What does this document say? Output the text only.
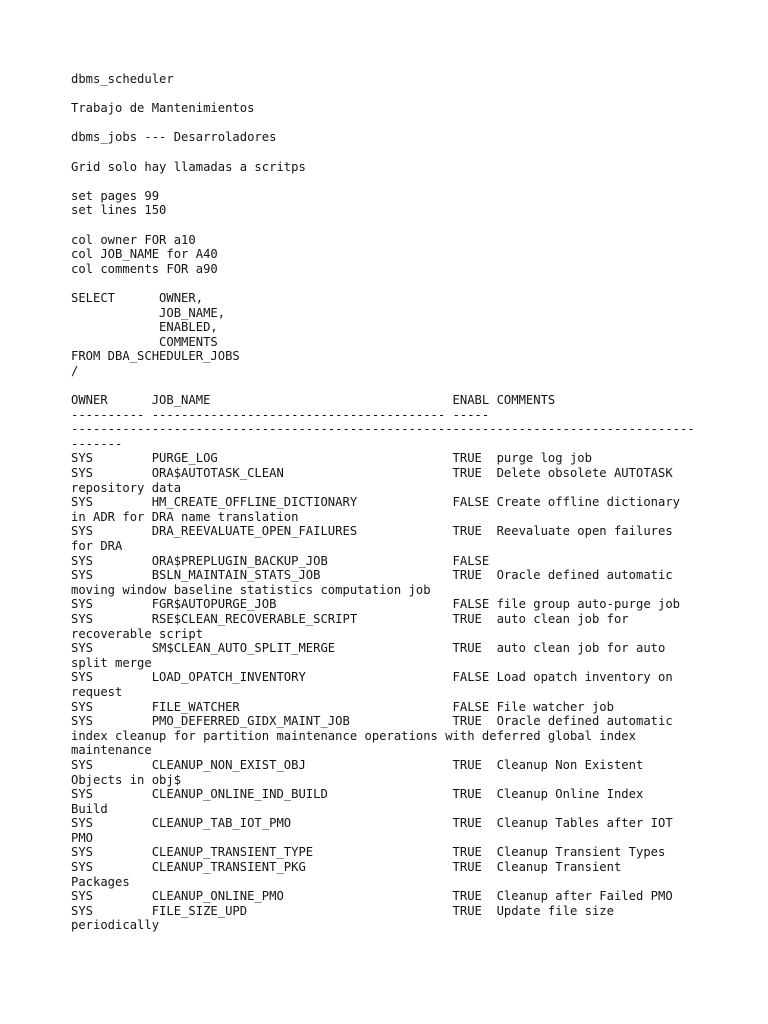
dbms_scheduler
Trabajo de Mantenimientos
dbms_jobs --- Desarroladores
Grid solo hay llamadas a scritps
set pages 99
set lines 150
col owner FOR a10
col JOB_NAME for A40
col comments FOR a90
SELECT      OWNER,
JOB_NAME,
ENABLED,
COMMENTS
FROM DBA_SCHEDULER_JOBS
/
OWNER      JOB_NAME                                 ENABL COMMENTS
---------- ---------------------------------------- -----
-------------------------------------------------------------------------------------
-------
SYS        PURGE_LOG                                TRUE  purge log job
SYS        ORA$AUTOTASK_CLEAN                       TRUE  Delete obsolete AUTOTASK
repository data
SYS        HM_CREATE_OFFLINE_DICTIONARY             FALSE Create offline dictionary
in ADR for DRA name translation
SYS        DRA_REEVALUATE_OPEN_FAILURES             TRUE  Reevaluate open failures
for DRA
SYS        ORA$PREPLUGIN_BACKUP_JOB                 FALSE
SYS        BSLN_MAINTAIN_STATS_JOB                  TRUE  Oracle defined automatic
moving window baseline statistics computation job
SYS        FGR$AUTOPURGE_JOB                        FALSE file group auto-purge job
SYS        RSE$CLEAN_RECOVERABLE_SCRIPT             TRUE  auto clean job for
recoverable script
SYS        SM$CLEAN_AUTO_SPLIT_MERGE                TRUE  auto clean job for auto
split merge
SYS        LOAD_OPATCH_INVENTORY                    FALSE Load opatch inventory on
request
SYS        FILE_WATCHER                             FALSE File watcher job
SYS        PMO_DEFERRED_GIDX_MAINT_JOB              TRUE  Oracle defined automatic
index cleanup for partition maintenance operations with deferred global index
maintenance
SYS        CLEANUP_NON_EXIST_OBJ                    TRUE  Cleanup Non Existent
Objects in obj$
SYS        CLEANUP_ONLINE_IND_BUILD                 TRUE  Cleanup Online Index
Build
SYS        CLEANUP_TAB_IOT_PMO                      TRUE  Cleanup Tables after IOT
PMO
SYS        CLEANUP_TRANSIENT_TYPE                   TRUE  Cleanup Transient Types
SYS        CLEANUP_TRANSIENT_PKG                    TRUE  Cleanup Transient
Packages
SYS        CLEANUP_ONLINE_PMO                       TRUE  Cleanup after Failed PMO
SYS        FILE_SIZE_UPD                            TRUE  Update file size
periodically
